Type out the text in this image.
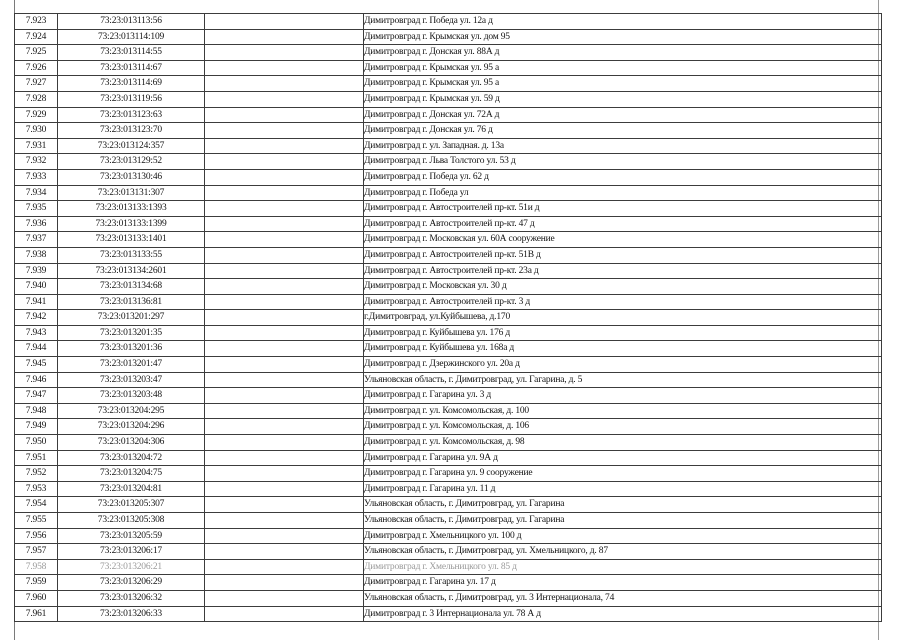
7.923	73:23:013113:56		Димитровград г. Победа ул. 12а д
7.924	73:23:013114:109		Димитровград г. Крымская ул. дом 95
7.925	73:23:013114:55		Димитровград г. Донская ул. 88А д
7.926	73:23:013114:67		Димитровград г. Крымская ул. 95 а
7.927	73:23:013114:69		Димитровград г. Крымская ул. 95 а
7.928	73:23:013119:56		Димитровград г. Крымская ул. 59 д
7.929	73:23:013123:63		Димитровград г. Донская ул. 72А д
7.930	73:23:013123:70		Димитровград г. Донская ул. 76 д
7.931	73:23:013124:357		Димитровград г. ул. Западная. д. 13а
7.932	73:23:013129:52		Димитровград г. Льва Толстого ул. 53 д
7.933	73:23:013130:46		Димитровград г. Победа ул. 62 д
7.934	73:23:013131:307		Димитровград г. Победа ул
7.935	73:23:013133:1393		Димитровград г. Автостроителей пр-кт. 51и д
7.936	73:23:013133:1399		Димитровград г. Автостроителей пр-кт. 47 д
7.937	73:23:013133:1401		Димитровград г. Московская ул. 60А сооружение
7.938	73:23:013133:55		Димитровград г. Автостроителей пр-кт. 51В д
7.939	73:23:013134:2601		Димитровград г. Автостроителей пр-кт. 23а д
7.940	73:23:013134:68		Димитровград г. Московская ул. 30 д
7.941	73:23:013136:81		Димитровград г. Автостроителей пр-кт. 3 д
7.942	73:23:013201:297		г.Димитровград, ул.Куйбышева, д.170
7.943	73:23:013201:35		Димитровград г. Куйбышева ул. 176 д
7.944	73:23:013201:36		Димитровград г. Куйбышева ул. 168а д
7.945	73:23:013201:47		Димитровград г. Дзержинского ул. 20а д
7.946	73:23:013203:47		Ульяновская область, г. Димитровград, ул. Гагарина, д. 5
7.947	73:23:013203:48		Димитровград г. Гагарина ул. 3 д
7.948	73:23:013204:295		Димитровград г. ул. Комсомольская, д. 100
7.949	73:23:013204:296		Димитровград г. ул. Комсомольская, д. 106
7.950	73:23:013204:306		Димитровград г. ул. Комсомольская, д. 98
7.951	73:23:013204:72		Димитровград г. Гагарина ул. 9А д
7.952	73:23:013204:75		Димитровград г. Гагарина ул. 9 сооружение
7.953	73:23:013204:81		Димитровград г. Гагарина ул. 11 д
7.954	73:23:013205:307		Ульяновская область, г. Димитровград, ул. Гагарина
7.955	73:23:013205:308		Ульяновская область, г. Димитровград, ул. Гагарина
7.956	73:23:013205:59		Димитровград г. Хмельницкого ул. 100 д
7.957	73:23:013206:17		Ульяновская область, г. Димитровград, ул. Хмельницкого, д. 87
7.958	73:23:013206:21		Димитровград г. Хмельницкого ул. 85 д
7.959	73:23:013206:29		Димитровград г. Гагарина ул. 17 д
7.960	73:23:013206:32		Ульяновская область, г. Димитровград, ул. 3 Интернационала, 74
7.961	73:23:013206:33		Димитровград г. 3 Интернационала ул. 78 А д
